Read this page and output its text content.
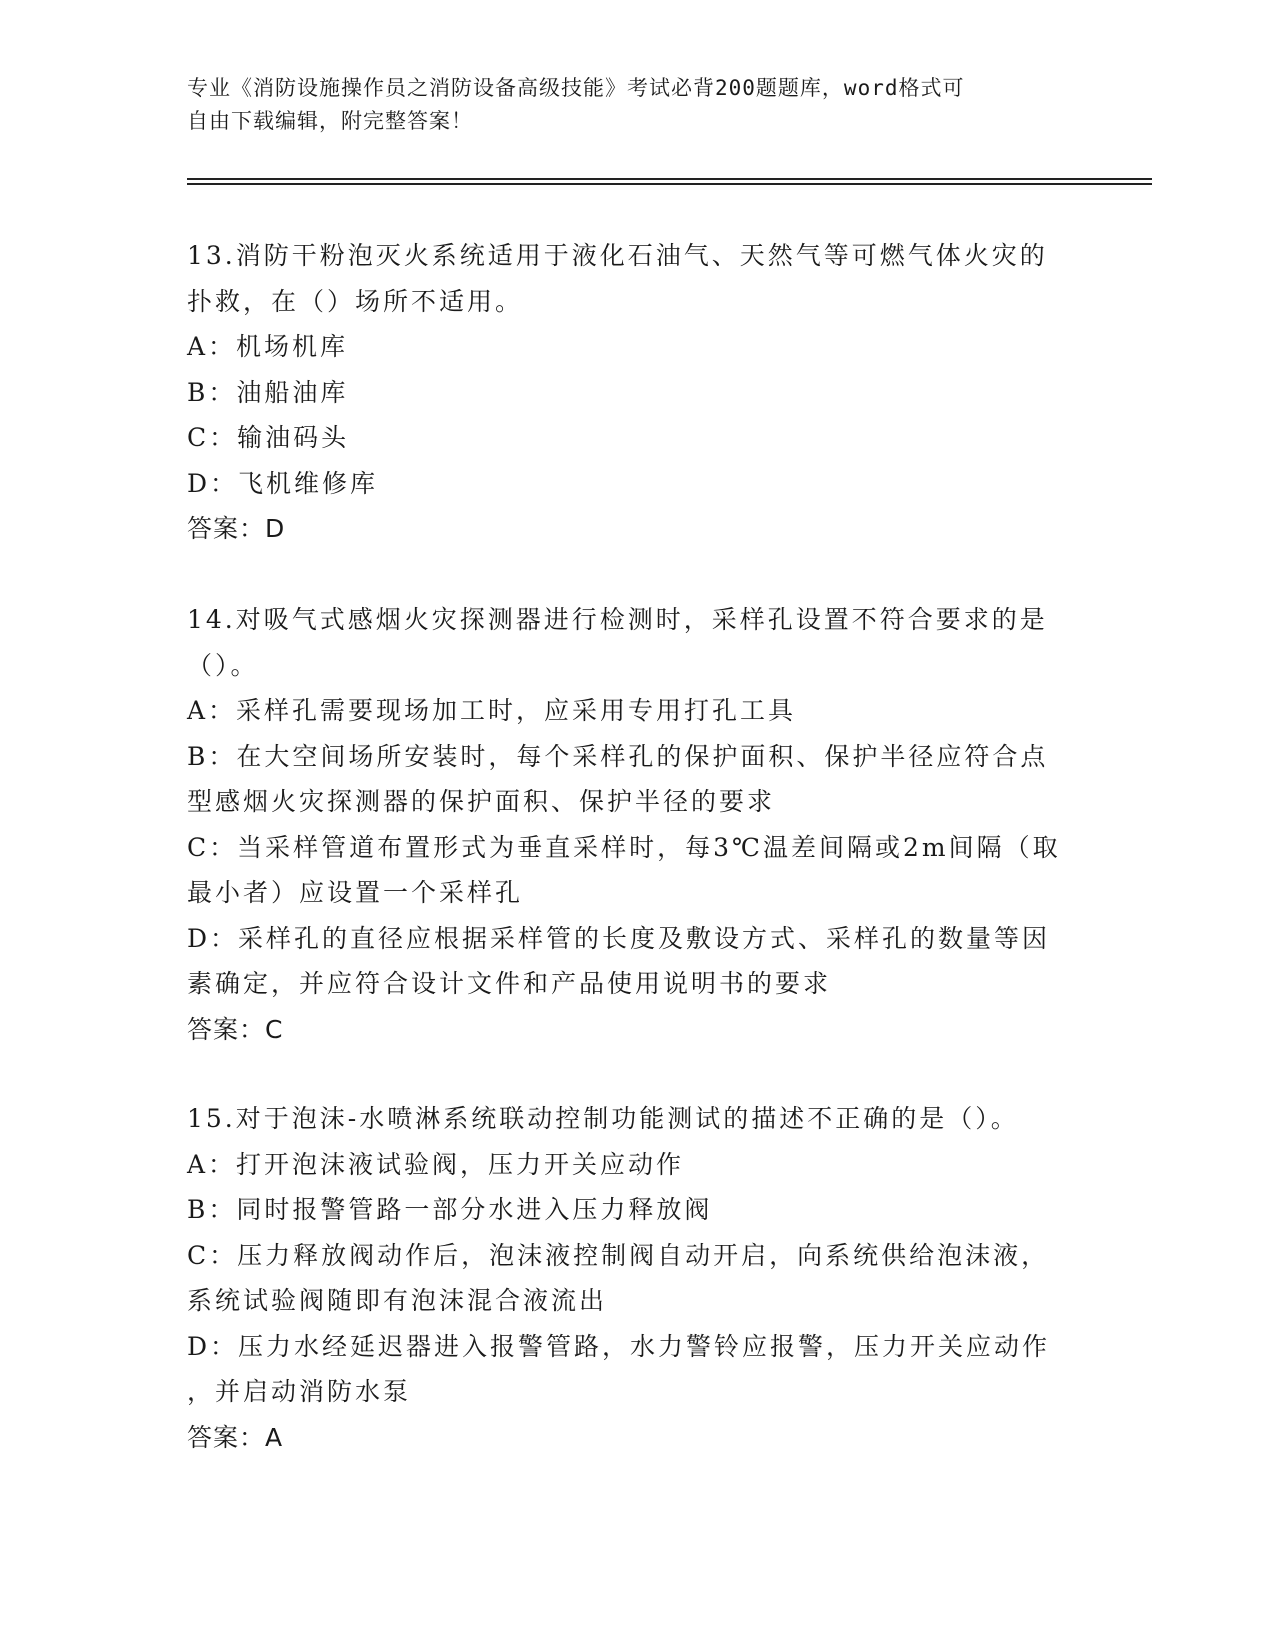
专业《消防设施操作员之消防设备高级技能》考试必背200题题库，word格式可
自由下载编辑，附完整答案！
13.消防干粉泡灭火系统适用于液化石油气、天然气等可燃气体火灾的
扑救，在（）场所不适用。
A：机场机库
B：油船油库
C：输油码头
D：飞机维修库
答案：D
14.对吸气式感烟火灾探测器进行检测时，采样孔设置不符合要求的是
（）。
A：采样孔需要现场加工时，应采用专用打孔工具
B：在大空间场所安装时，每个采样孔的保护面积、保护半径应符合点
型感烟火灾探测器的保护面积、保护半径的要求
C：当采样管道布置形式为垂直采样时，每3℃温差间隔或2m间隔（取
最小者）应设置一个采样孔
D：采样孔的直径应根据采样管的长度及敷设方式、采样孔的数量等因
素确定，并应符合设计文件和产品使用说明书的要求
答案：C
15.对于泡沫-水喷淋系统联动控制功能测试的描述不正确的是（）。
A：打开泡沫液试验阀，压力开关应动作
B：同时报警管路一部分水进入压力释放阀
C：压力释放阀动作后，泡沫液控制阀自动开启，向系统供给泡沫液，
系统试验阀随即有泡沫混合液流出
D：压力水经延迟器进入报警管路，水力警铃应报警，压力开关应动作
，并启动消防水泵
答案：A
